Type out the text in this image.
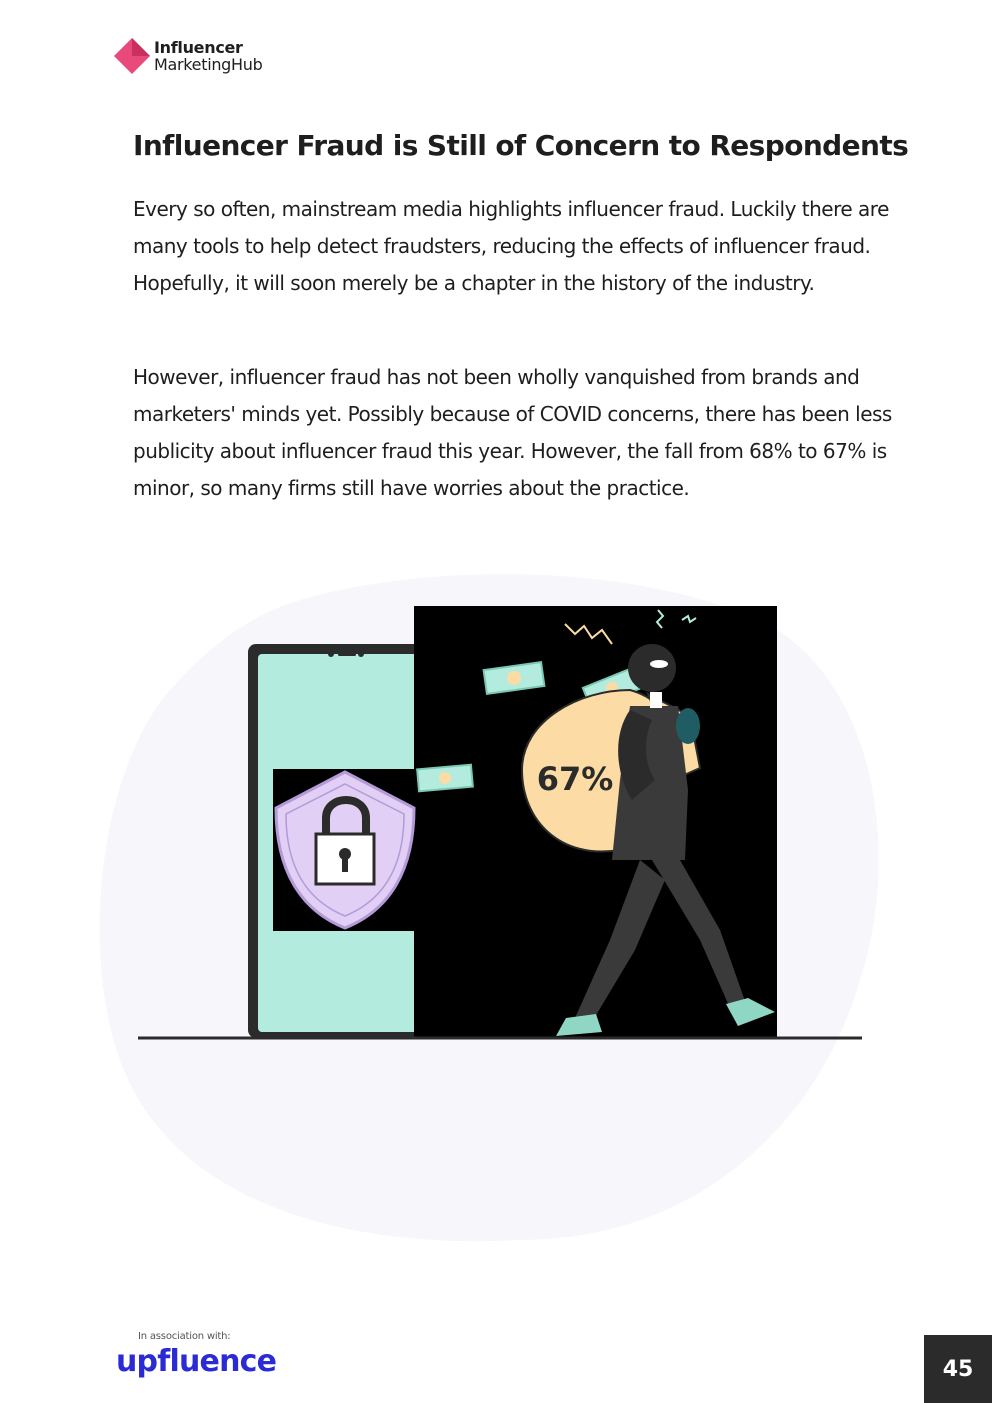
Influencer
MarketingHub
Influencer Fraud is Still of Concern to Respondents

Every so often, mainstream media highlights influencer fraud. Luckily there are many tools to help detect fraudsters, reducing the effects of influencer fraud. Hopefully, it will soon merely be a chapter in the history of the industry.

However, influencer fraud has not been wholly vanquished from brands and marketers' minds yet. Possibly because of COVID concerns, there has been less publicity about influencer fraud this year. However, the fall from 68% to 67% is minor, so many firms still have worries about the practice.

67%
In association with:
upfluence	45
